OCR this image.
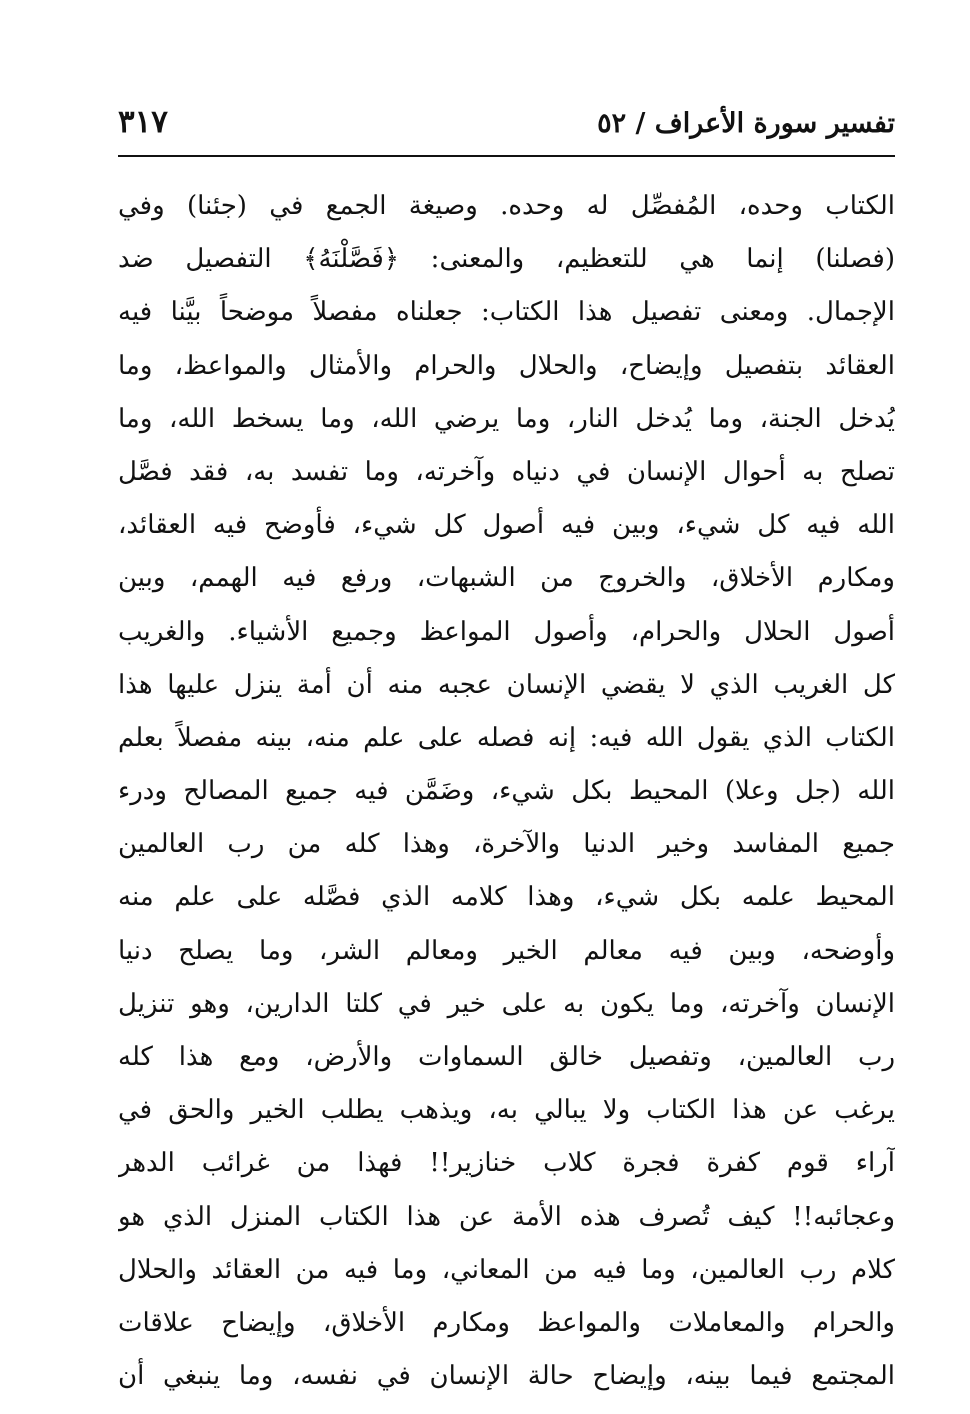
تفسير سورة الأعراف / ٥٢
٣١٧
الكتاب وحده، المُفصِّل له وحده. وصيغة الجمع في (جئنا) وفي
(فصلنا) إنما هي للتعظيم، والمعنى: ﴿فَصَّلْنَهُ﴾ التفصيل ضد
الإجمال. ومعنى تفصيل هذا الكتاب: جعلناه مفصلاً موضحاً بيَّنا فيه
العقائد بتفصيل وإيضاح، والحلال والحرام والأمثال والمواعظ، وما
يُدخل الجنة، وما يُدخل النار، وما يرضي الله، وما يسخط الله، وما
تصلح به أحوال الإنسان في دنياه وآخرته، وما تفسد به، فقد فصَّل
الله فيه كل شيء، وبين فيه أصول كل شيء، فأوضح فيه العقائد،
ومكارم الأخلاق، والخروج من الشبهات، ورفع فيه الهمم، وبين
أصول الحلال والحرام، وأصول المواعظ وجميع الأشياء. والغريب
كل الغريب الذي لا يقضي الإنسان عجبه منه أن أمة ينزل عليها هذا
الكتاب الذي يقول الله فيه: إنه فصله على علم منه، بينه مفصلاً بعلم
الله (جل وعلا) المحيط بكل شيء، وضَمَّن فيه جميع المصالح ودرء
جميع المفاسد وخير الدنيا والآخرة، وهذا كله من رب العالمين
المحيط علمه بكل شيء، وهذا كلامه الذي فصَّله على علم منه
وأوضحه، وبين فيه معالم الخير ومعالم الشر، وما يصلح دنيا
الإنسان وآخرته، وما يكون به على خير في كلتا الدارين، وهو تنزيل
رب العالمين، وتفصيل خالق السماوات والأرض، ومع هذا كله
يرغب عن هذا الكتاب ولا يبالي به، ويذهب يطلب الخير والحق في
آراء قوم كفرة فجرة كلاب خنازير!! فهذا من غرائب الدهر
وعجائبه!! كيف تُصرف هذه الأمة عن هذا الكتاب المنزل الذي هو
كلام رب العالمين، وما فيه من المعاني، وما فيه من العقائد والحلال
والحرام والمعاملات والمواعظ ومكارم الأخلاق، وإيضاح علاقات
المجتمع فيما بينه، وإيضاح حالة الإنسان في نفسه، وما ينبغي أن
